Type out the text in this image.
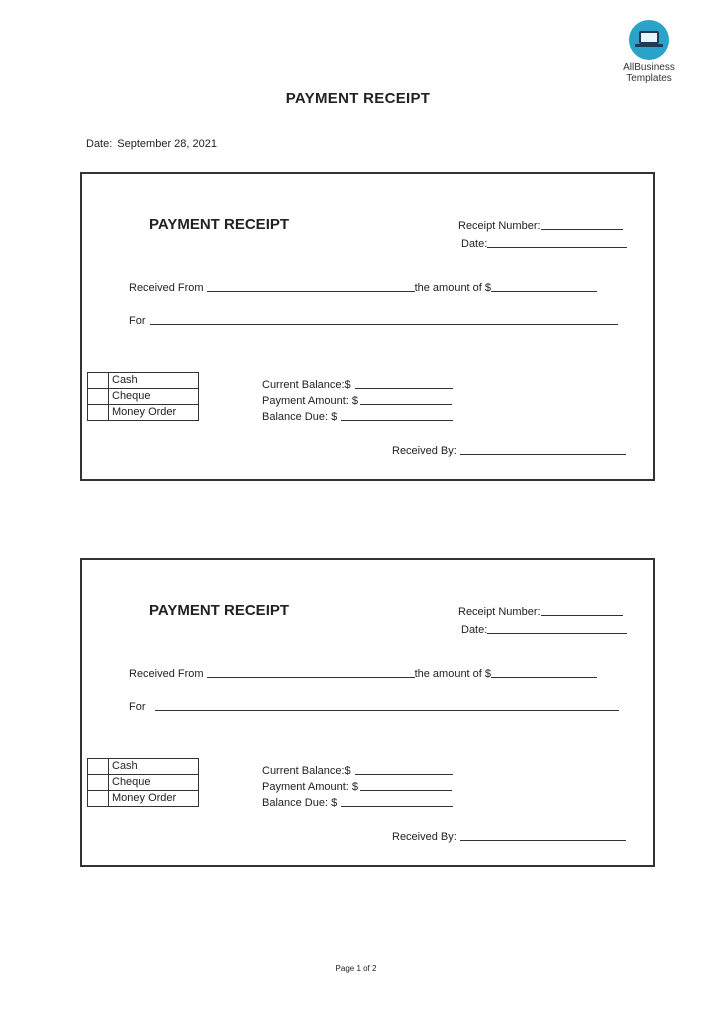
AllBusiness
Templates
PAYMENT RECEIPT
Date: September 28, 2021
PAYMENT RECEIPT	Receipt Number:
Date:
Received From	the amount of $
For
	Cash
	Cheque
	Money Order
Current Balance:$
Payment Amount: $
Balance Due: $
Received By:
PAYMENT RECEIPT	Receipt Number:
Date:
Received From	the amount of $
For
	Cash
	Cheque
	Money Order
Current Balance:$
Payment Amount: $
Balance Due: $
Received By:
Page 1 of 2
